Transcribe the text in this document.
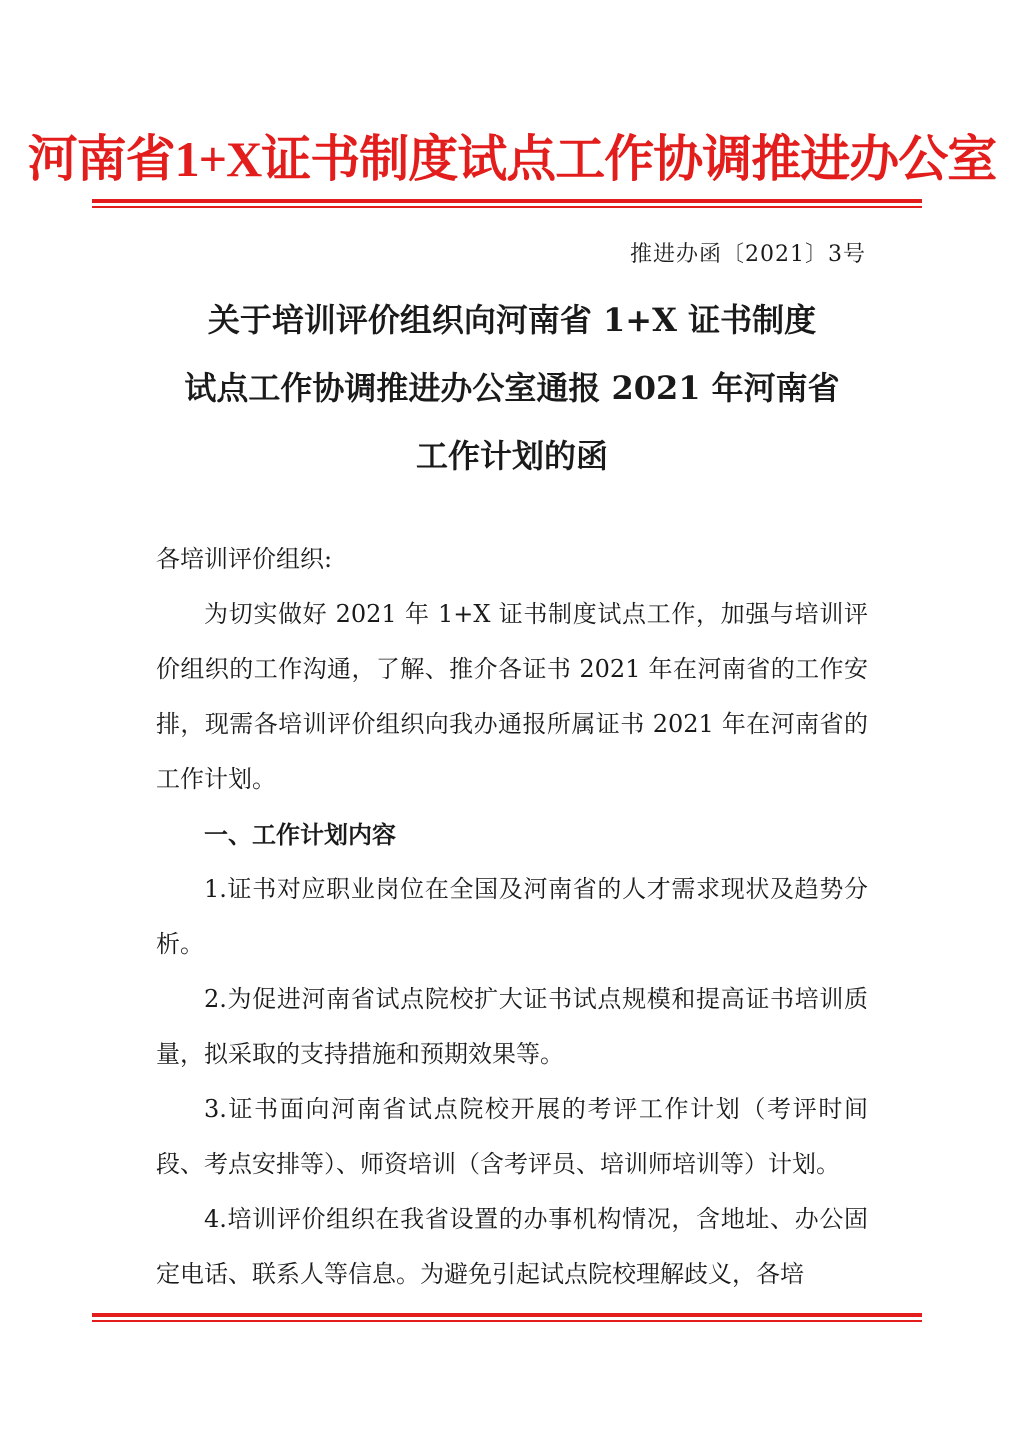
河南省1+X证书制度试点工作协调推进办公室
推进办函〔2021〕3号
关于培训评价组织向河南省 1+X 证书制度
试点工作协调推进办公室通报 2021 年河南省
工作计划的函

各培训评价组织:

为切实做好 2021 年 1+X 证书制度试点工作，加强与培训评价组织的工作沟通，了解、推介各证书 2021 年在河南省的工作安排，现需各培训评价组织向我办通报所属证书 2021 年在河南省的工作计划。

一、工作计划内容

1.证书对应职业岗位在全国及河南省的人才需求现状及趋势分析。

2.为促进河南省试点院校扩大证书试点规模和提高证书培训质量，拟采取的支持措施和预期效果等。

3.证书面向河南省试点院校开展的考评工作计划（考评时间段、考点安排等）、师资培训（含考评员、培训师培训等）计划。

4.培训评价组织在我省设置的办事机构情况，含地址、办公固定电话、联系人等信息。为避免引起试点院校理解歧义，各培
